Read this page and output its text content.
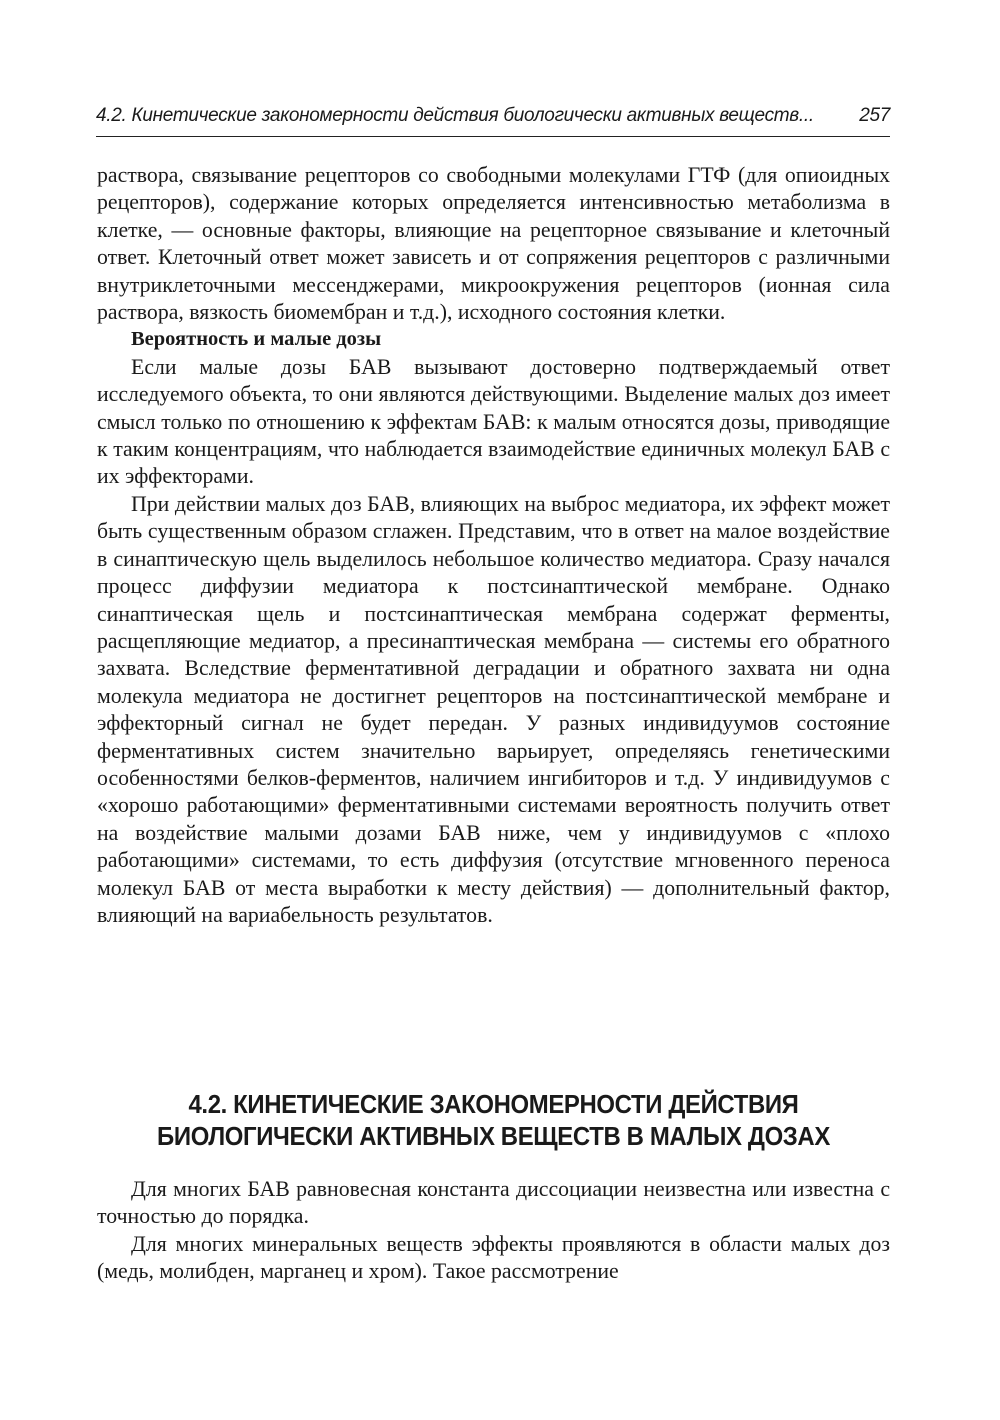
4.2. Кинетические закономерности действия биологически активных веществ... 257

раствора, связывание рецепторов со свободными молекулами ГТФ (для опиоидных рецепторов), содержание которых определяется интенсивностью метаболизма в клетке, — основные факторы, влияющие на рецепторное связывание и клеточный ответ. Клеточный ответ может зависеть и от сопряжения рецепторов с различными внутриклеточными мессенджерами, микроокружения рецепторов (ионная сила раствора, вязкость биомембран и т.д.), исходного состояния клетки.

Вероятность и малые дозы

Если малые дозы БАВ вызывают достоверно подтверждаемый ответ исследуемого объекта, то они являются действующими. Выделение малых доз имеет смысл только по отношению к эффектам БАВ: к малым относятся дозы, приводящие к таким концентрациям, что наблюдается взаимодействие единичных молекул БАВ с их эффекторами.

При действии малых доз БАВ, влияющих на выброс медиатора, их эффект может быть существенным образом сглажен. Представим, что в ответ на малое воздействие в синаптическую щель выделилось небольшое количество медиатора. Сразу начался процесс диффузии медиатора к постсинаптической мембране. Однако синаптическая щель и постсинаптическая мембрана содержат ферменты, расщепляющие медиатор, а пресинаптическая мембрана — системы его обратного захвата. Вследствие ферментативной деградации и обратного захвата ни одна молекула медиатора не достигнет рецепторов на постсинаптической мембране и эффекторный сигнал не будет передан. У разных индивидуумов состояние ферментативных систем значительно варьирует, определяясь генетическими особенностями белков-ферментов, наличием ингибиторов и т.д. У индивидуумов с «хорошо работающими» ферментативными системами вероятность получить ответ на воздействие малыми дозами БАВ ниже, чем у индивидуумов с «плохо работающими» системами, то есть диффузия (отсутствие мгновенного переноса молекул БАВ от места выработки к месту действия) — дополнительный фактор, влияющий на вариабельность результатов.

4.2. КИНЕТИЧЕСКИЕ ЗАКОНОМЕРНОСТИ ДЕЙСТВИЯ
БИОЛОГИЧЕСКИ АКТИВНЫХ ВЕЩЕСТВ В МАЛЫХ ДОЗАХ

Для многих БАВ равновесная константа диссоциации неизвестна или известна с точностью до порядка.

Для многих минеральных веществ эффекты проявляются в области малых доз (медь, молибден, марганец и хром). Такое рассмотрение
